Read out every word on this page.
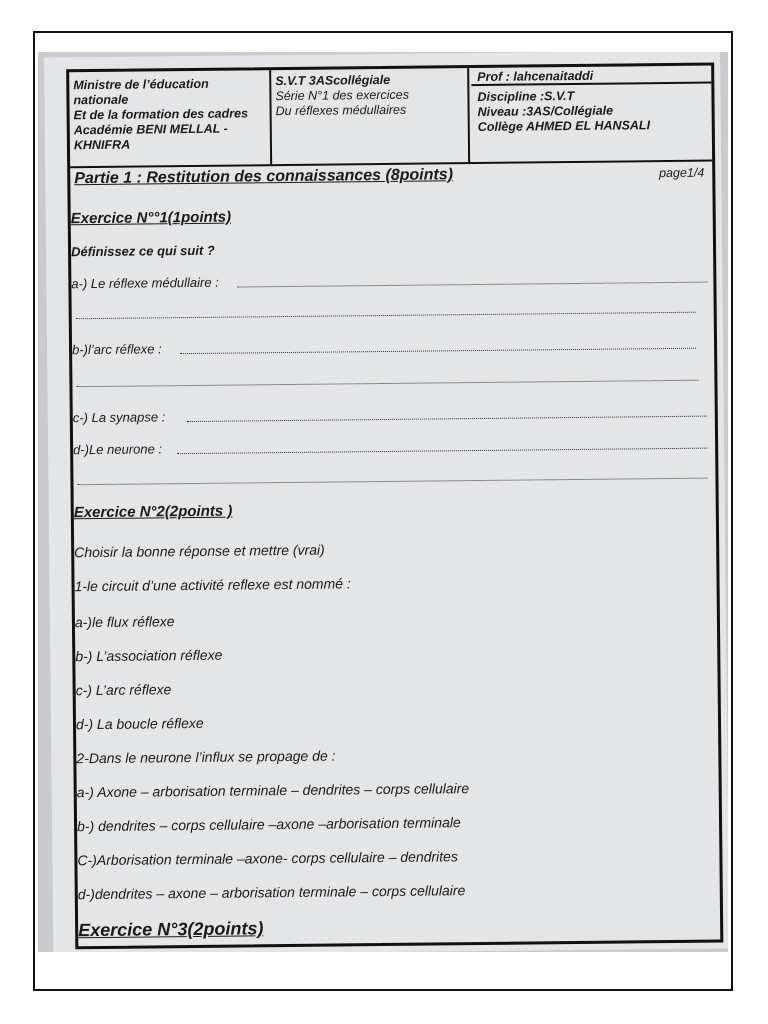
Ministre de l’éducation
nationale
Et de la formation des cadres
Académie BENI MELLAL -
KHNIFRA
S.V.T 3AScollégiale
Série N°1 des exercices
Du réflexes médullaires
Prof : lahcenaitaddi
Discipline :S.V.T
Niveau :3AS/Collégiale
Collège AHMED EL HANSALI
Partie 1 : Restitution des connaissances (8points)	page1/4
Exercice N°°1(1points)
Définissez ce qui suit ?
a-) Le réflexe médullaire :
b-)l’arc réflexe :
c-) La synapse :
d-)Le neurone :
Exercice N°2(2points )
Choisir la bonne réponse et mettre (vrai)
1-le circuit d’une activité reflexe est nommé :
a-)le flux réflexe
b-) L’association réflexe
c-) L’arc réflexe
d-) La boucle réflexe
2-Dans le neurone l’influx se propage de :
a-) Axone – arborisation terminale – dendrites – corps cellulaire
b-) dendrites – corps cellulaire –axone –arborisation terminale
C-)Arborisation terminale –axone- corps cellulaire – dendrites
d-)dendrites – axone – arborisation terminale – corps cellulaire
Exercice N°3(2points)
